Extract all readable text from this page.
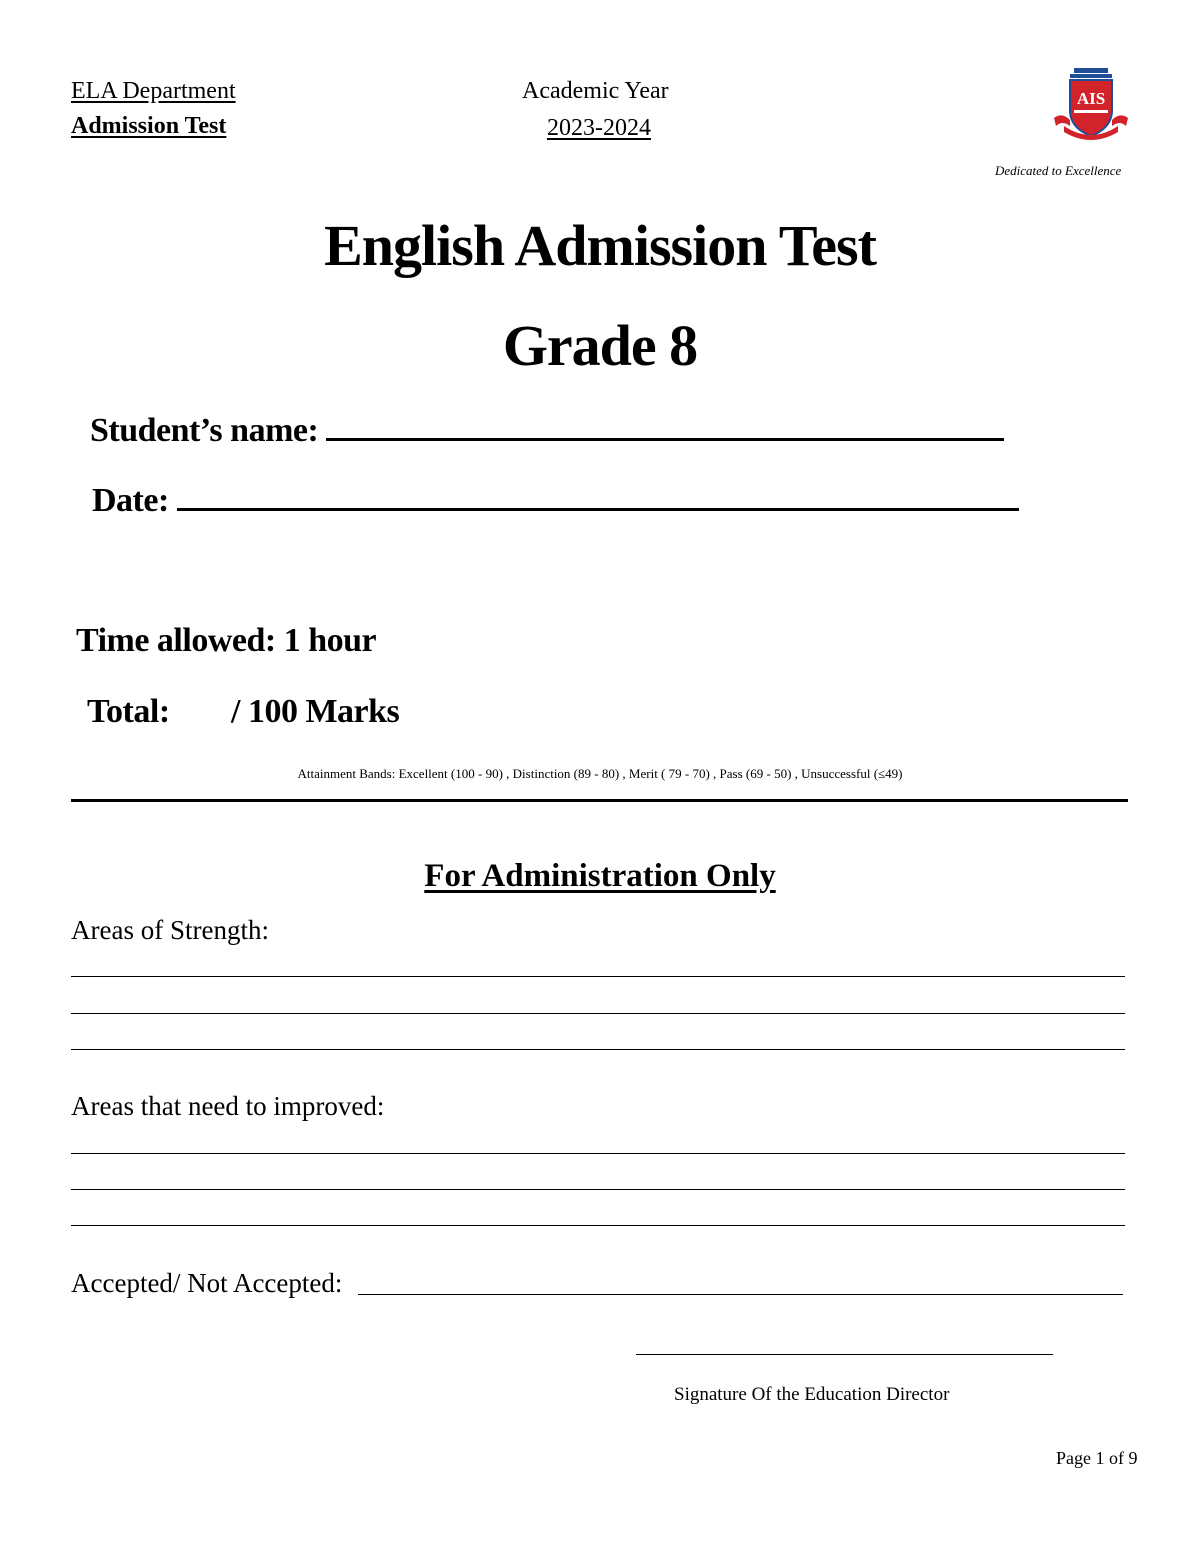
ELA Department
Admission Test
Academic Year
2023-2024
AIS
Dedicated to Excellence
English Admission Test
Grade 8
Student’s name:
Date:
Time allowed: 1 hour
Total: / 100 Marks
Attainment Bands: Excellent (100 - 90) , Distinction (89 - 80) , Merit ( 79 - 70) , Pass (69 - 50) , Unsuccessful (≤49)
For Administration Only
Areas of Strength:
Areas that need to improved:
Accepted/ Not Accepted:
Signature Of the Education Director
Page 1 of 9
